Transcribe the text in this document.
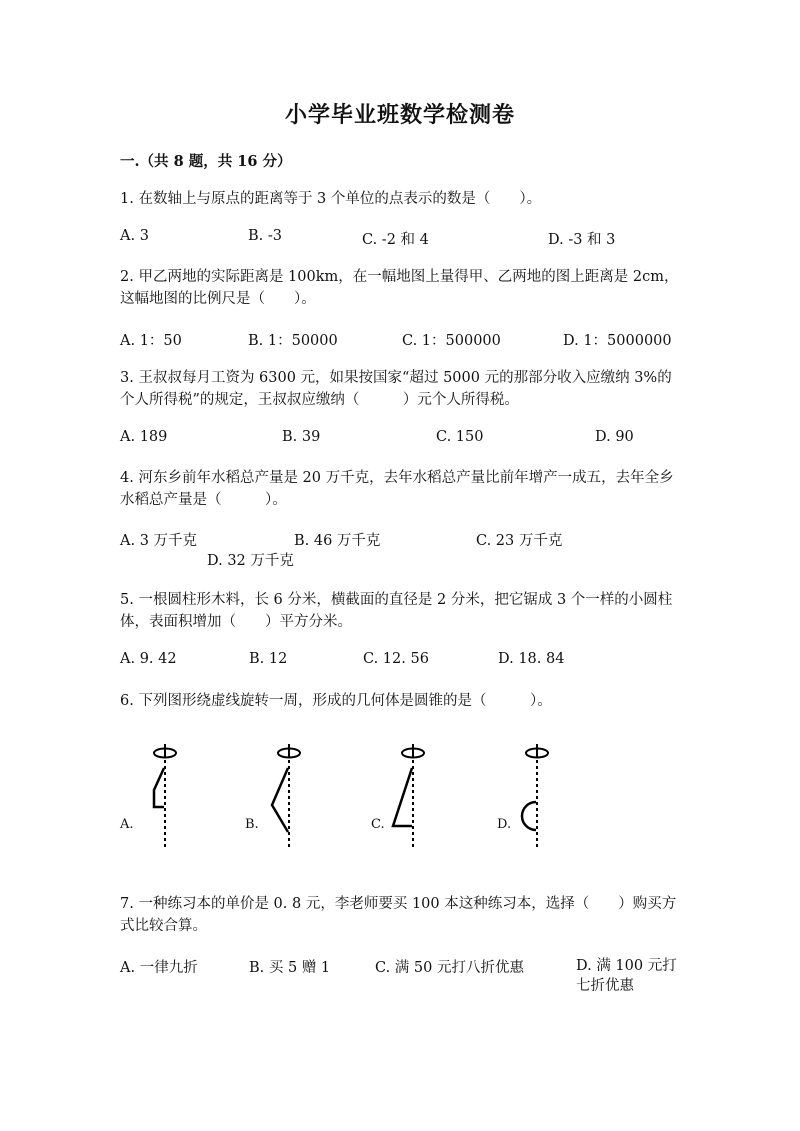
小学毕业班数学检测卷
一.（共 8 题，共 16 分）
1. 在数轴上与原点的距离等于 3 个单位的点表示的数是（　　）。
A. 3	B. -3	C. -2 和 4	D. -3 和 3
2. 甲乙两地的实际距离是 100km，在一幅地图上量得甲、乙两地的图上距离是 2cm，这幅地图的比例尺是（　　）。
A. 1：50	B. 1：50000	C. 1：500000	D. 1：5000000
3. 王叔叔每月工资为 6300 元，如果按国家“超过 5000 元的那部分收入应缴纳 3%的个人所得税”的规定，王叔叔应缴纳（　　　）元个人所得税。
A. 189	B. 39	C. 150	D. 90
4. 河东乡前年水稻总产量是 20 万千克，去年水稻总产量比前年增产一成五，去年全乡水稻总产量是（　　　）。
A. 3 万千克	B. 46 万千克	C. 23 万千克
D. 32 万千克
5. 一根圆柱形木料，长 6 分米，横截面的直径是 2 分米，把它锯成 3 个一样的小圆柱体，表面积增加（　　）平方分米。
A. 9. 42	B. 12	C. 12. 56	D. 18. 84
6. 下列图形绕虚线旋转一周，形成的几何体是圆锥的是（　　　）。
A.	B.	C.	D.
7. 一种练习本的单价是 0. 8 元，李老师要买 100 本这种练习本，选择（　　）购买方式比较合算。
A. 一律九折	B. 买 5 赠 1	C. 满 50 元打八折优惠	D. 满 100 元打七折优惠
